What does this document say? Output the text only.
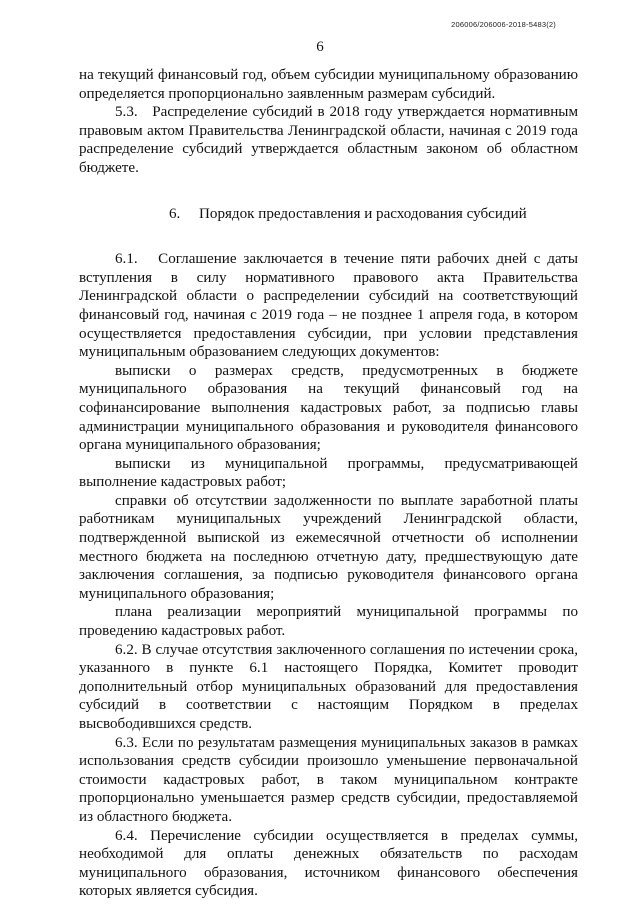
206006/206006-2018-5483(2)
6

на текущий финансовый год, объем субсидии муниципальному образованию определяется пропорционально заявленным размерам субсидий.

5.3.   Распределение субсидий в 2018 году утверждается нормативным правовым актом Правительства Ленинградской области, начиная с 2019 года распределение субсидий утверждается областным законом об областном бюджете.

6. Порядок предоставления и расходования субсидий

6.1.   Соглашение заключается в течение пяти рабочих дней с даты вступления в силу нормативного правового акта Правительства Ленинградской области о распределении субсидий на соответствующий финансовый год, начиная с 2019 года – не позднее 1 апреля года, в котором осуществляется предоставления субсидии, при условии представления муниципальным образованием следующих документов:

выписки о размерах средств, предусмотренных в бюджете муниципального образования на текущий финансовый год на софинансирование выполнения кадастровых работ, за подписью главы администрации муниципального образования и руководителя финансового органа муниципального образования;

выписки из муниципальной программы, предусматривающей выполнение кадастровых работ;

справки об отсутствии задолженности по выплате заработной платы работникам муниципальных учреждений Ленинградской области, подтвержденной выпиской из ежемесячной отчетности об исполнении местного бюджета на последнюю отчетную дату, предшествующую дате заключения соглашения, за подписью руководителя финансового органа муниципального образования;

плана реализации мероприятий муниципальной программы по проведению кадастровых работ.

6.2. В случае отсутствия заключенного соглашения по истечении срока, указанного в пункте 6.1 настоящего Порядка, Комитет проводит дополнительный отбор муниципальных образований для предоставления субсидий в соответствии с настоящим Порядком в пределах высвободившихся средств.

6.3. Если по результатам размещения муниципальных заказов в рамках использования средств субсидии произошло уменьшение первоначальной стоимости кадастровых работ, в таком муниципальном контракте пропорционально уменьшается размер средств субсидии, предоставляемой из областного бюджета.

6.4. Перечисление субсидии осуществляется в пределах суммы, необходимой для оплаты денежных обязательств по расходам муниципального образования, источником финансового обеспечения которых является субсидия.
